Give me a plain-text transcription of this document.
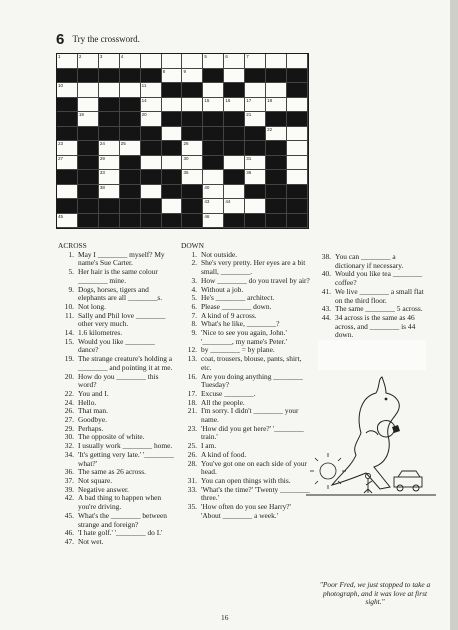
6 Try the crossword.
1	2	3	4	5	6	7
8	9
10	11
14	15	16	17	18
19	20	21
22
23	24	25	26
27	29	30	31
33	35	36
38	40
43	44
45	46
ACROSS
1. May I ________ myself? My name's Sue Carter.
5. Her hair is the same colour ________ mine.
9. Dogs, horses, tigers and elephants are all ________s.
10. Not long.
11. Sally and Phil love ________ other very much.
14. 1.6 kilometres.
15. Would you like ________ dance?
19. The strange creature's holding a ________ and pointing it at me.
20. How do you ________ this word?
22. You and I.
24. Hello.
26. That man.
27. Goodbye.
29. Perhaps.
30. The opposite of white.
32. I usually work ________ home.
34. 'It's getting very late.' '________ what?'
36. The same as 26 across.
37. Not square.
39. Negative answer.
42. A bad thing to happen when you're driving.
45. What's the ________ between strange and foreign?
46. 'I hate golf.' '________ do I.'
47. Not wet.
DOWN
1. Not outside.
2. She's very pretty. Her eyes are a bit small, ________.
3. How ________ do you travel by air?
4. Without a job.
5. He's ________ architect.
6. Please ________ down.
7. A kind of 9 across.
8. What's he like, ________?
9. 'Nice to see you again, John.' '________, my name's Peter.'
12. by ________ = by plane.
13. coat, trousers, blouse, pants, shirt, etc.
16. Are you doing anything ________ Tuesday?
17. Excuse ________.
18. All the people.
21. I'm sorry. I didn't ________ your name.
23. 'How did you get here?' '________ train.'
25. I am.
26. A kind of food.
28. You've got one on each side of your head.
31. You can open things with this.
33. 'What's the time?' 'Twenty ________ three.'
35. 'How often do you see Harry?' 'About ________ a week.'
38. You can ________ a dictionary if necessary.
40. Would you like tea ________ coffee?
41. We live ________ a small flat on the third floor.
43. The same ________ 5 across.
44. 34 across is the same as 46 across, and ________ is 44 down.
"Poor Fred, we just stopped to take a photograph, and it was love at first sight."
16
